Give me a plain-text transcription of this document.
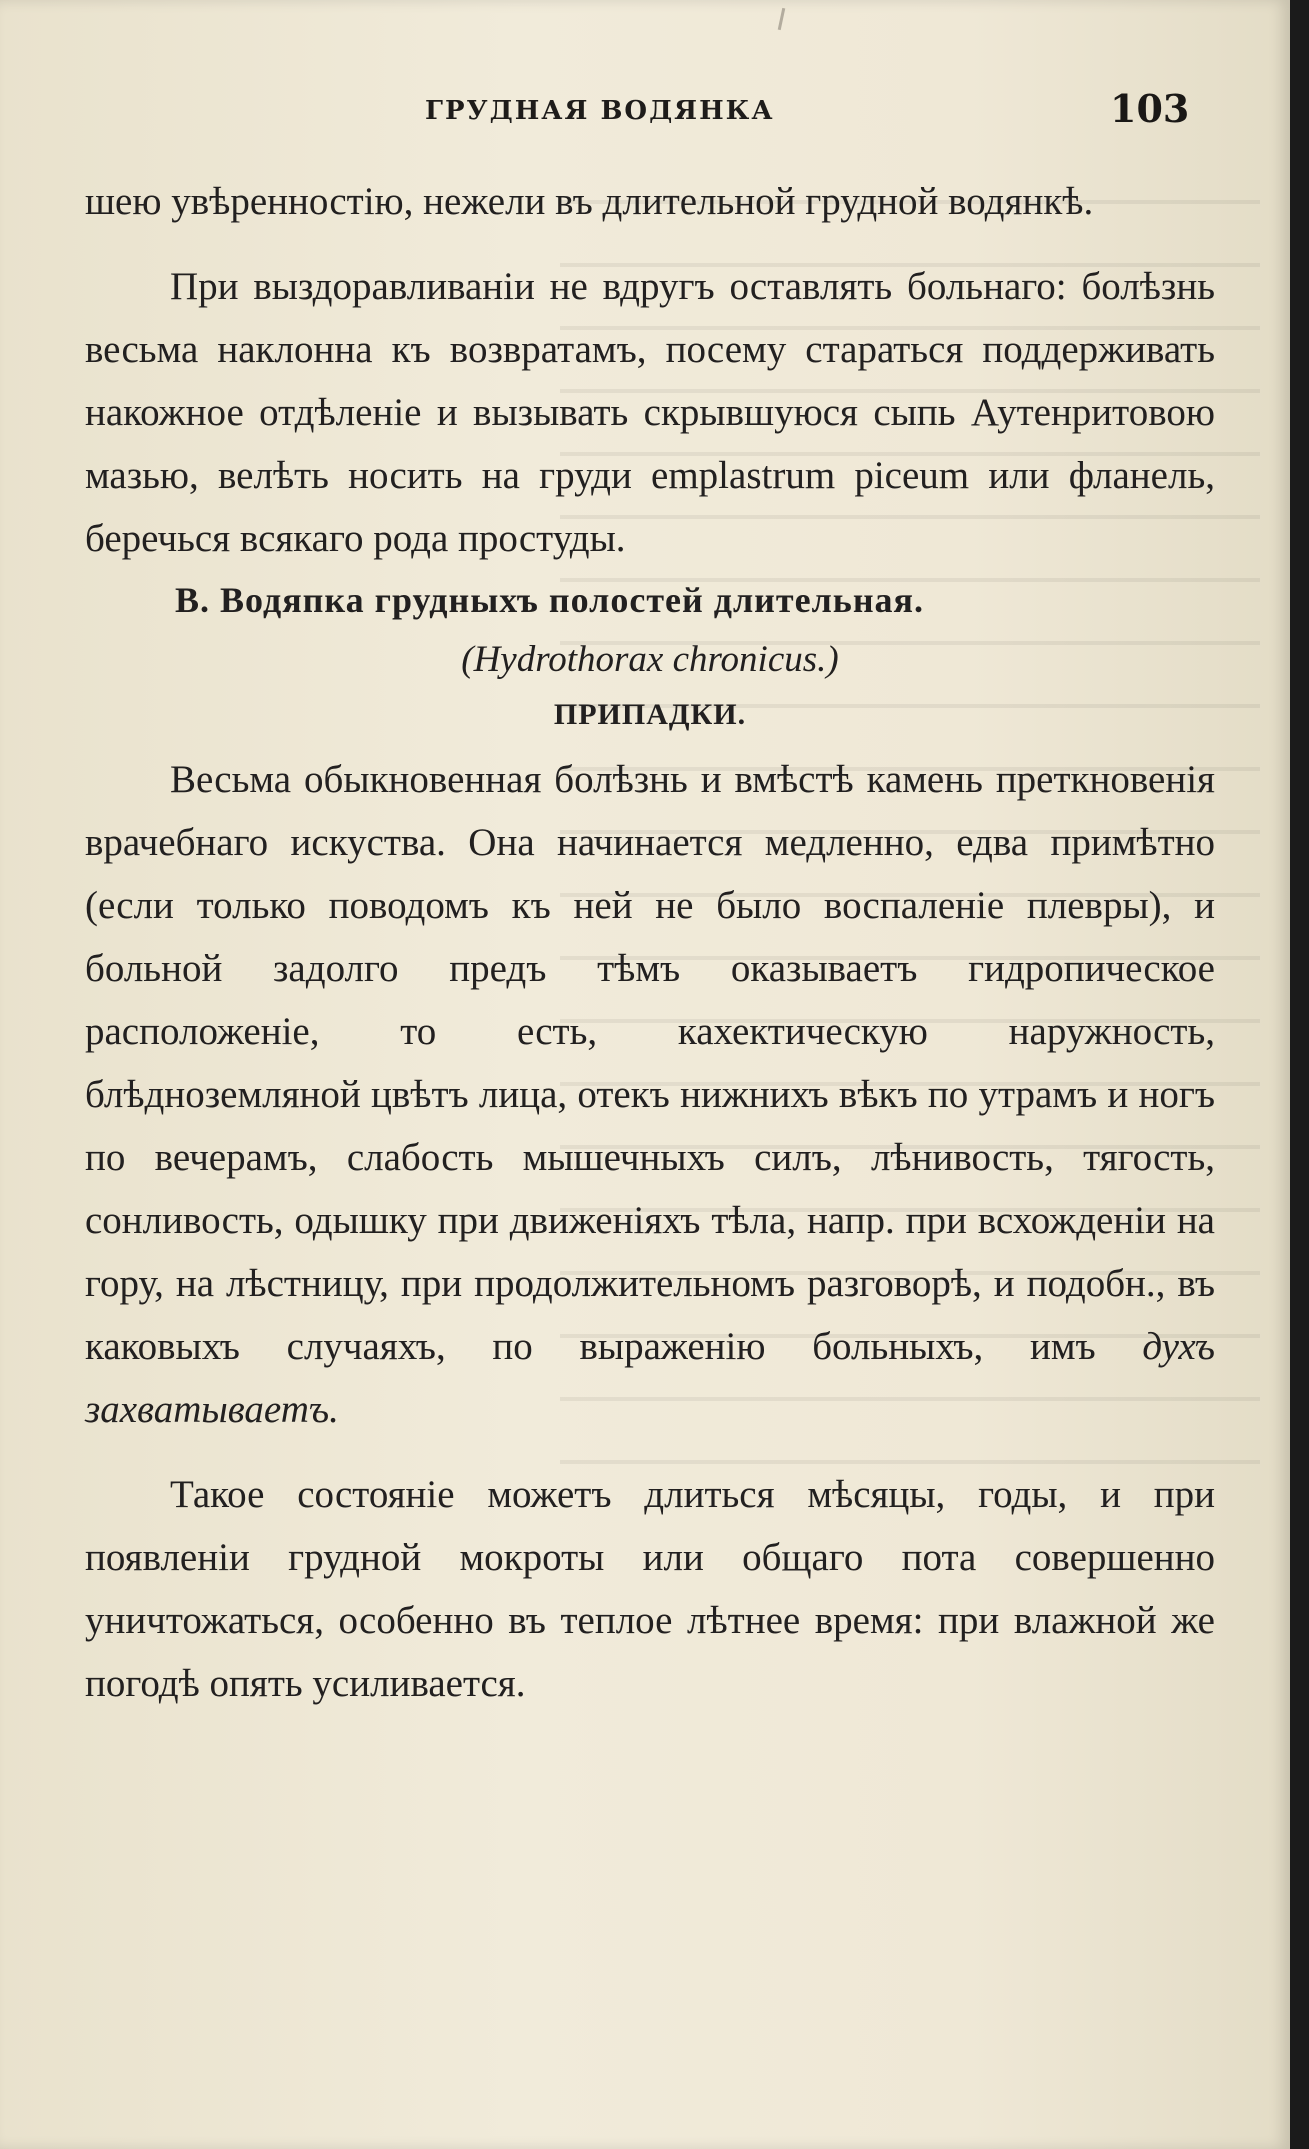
ГРУДНАЯ ВОДЯНКА	103

шею увѣренностію, нежели въ длительной грудной водянкѣ.

При выздоравливаніи не вдругъ оставлять больнаго: болѣзнь весьма наклонна къ возвратамъ, посему стараться поддерживать накожное отдѣленіе и вызывать скрывшуюся сыпь Аутенритовою мазью, велѣть носить на груди emplastrum piceum или фланель, беречься всякаго рода простуды.

В. Водяпка грудныхъ полостей длительная.

(Hydrothorax chronicus.)

ПРИПАДКИ.

Весьма обыкновенная болѣзнь и вмѣстѣ камень преткновенія врачебнаго искуства. Она начинается медленно, едва примѣтно (если только поводомъ къ ней не было воспаленіе плевры), и больной задолго предъ тѣмъ оказываетъ гидропическое расположеніе, то есть, кахектическую наружность, блѣдноземляной цвѣтъ лица, отекъ нижнихъ вѣкъ по утрамъ и ногъ по вечерамъ, слабость мышечныхъ силъ, лѣнивость, тягость, сонливость, одышку при движеніяхъ тѣла, напр. при всхожденіи на гору, на лѣстницу, при продолжительномъ разговорѣ, и подобн., въ каковыхъ случаяхъ, по выраженію больныхъ, имъ духъ захватываетъ.

Такое состояніе можетъ длиться мѣсяцы, годы, и при появленіи грудной мокроты или общаго пота совершенно уничтожаться, особенно въ теплое лѣтнее время: при влажной же погодѣ опять усиливается.
